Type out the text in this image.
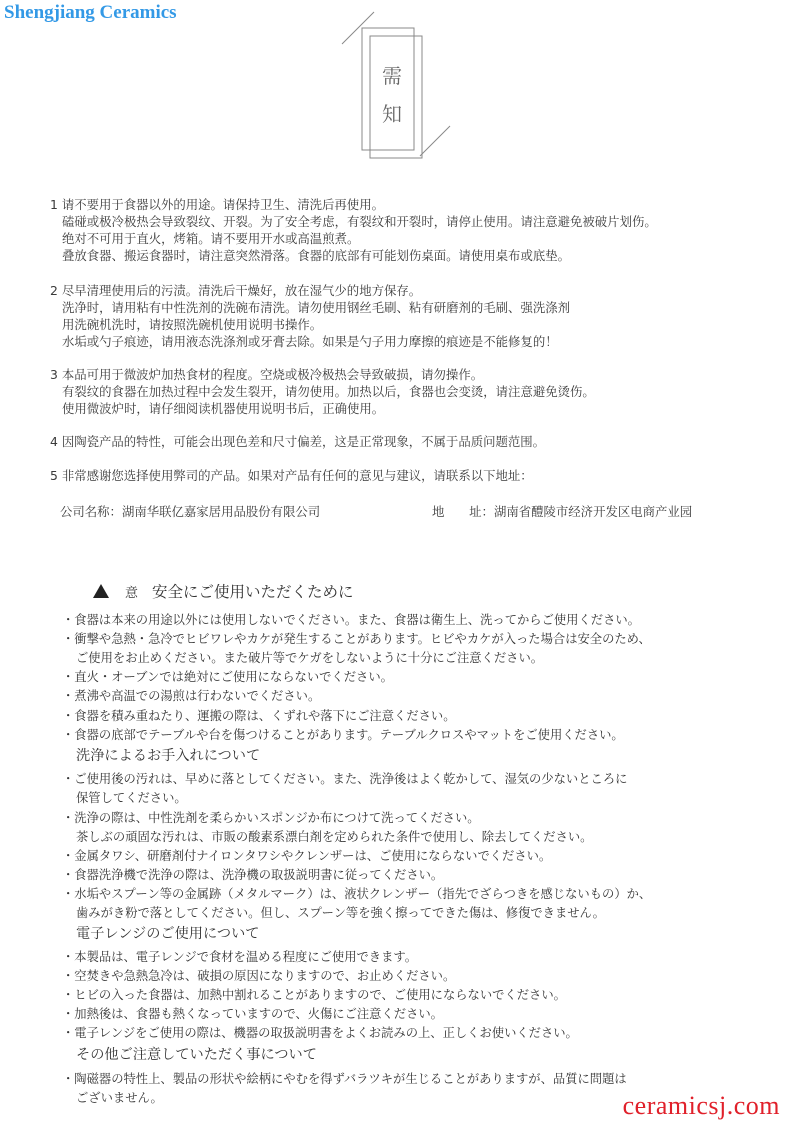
Shengjiang Ceramics
需
知
1 请不要用于食器以外的用途。请保持卫生、清洗后再使用。
磕碰或极冷极热会导致裂纹、开裂。为了安全考虑，有裂纹和开裂时，请停止使用。请注意避免被破片划伤。
绝对不可用于直火，烤箱。请不要用开水或高温煎煮。
叠放食器、搬运食器时，请注意突然滑落。食器的底部有可能划伤桌面。请使用桌布或底垫。
2 尽早清理使用后的污渍。清洗后干燥好，放在湿气少的地方保存。
洗净时，请用粘有中性洗剂的洗碗布清洗。请勿使用钢丝毛刷、粘有研磨剂的毛刷、强洗涤剂
用洗碗机洗时，请按照洗碗机使用说明书操作。
水垢或勺子痕迹，请用液态洗涤剂或牙膏去除。如果是勺子用力摩擦的痕迹是不能修复的！
3 本品可用于微波炉加热食材的程度。空烧或极冷极热会导致破损，请勿操作。
有裂纹的食器在加热过程中会发生裂开，请勿使用。加热以后，食器也会变烫，请注意避免烫伤。
使用微波炉时，请仔细阅读机器使用说明书后，正确使用。
4 因陶瓷产品的特性，可能会出现色差和尺寸偏差，这是正常现象，不属于品质问题范围。
5 非常感谢您选择使用弊司的产品。如果对产品有任何的意见与建议，请联系以下地址：
公司名称：湖南华联亿嘉家居用品股份有限公司	地　　址：湖南省醴陵市经济开发区电商产业园
意 安全にご使用いただくために
・食器は本来の用途以外には使用しないでください。また、食器は衛生上、洗ってからご使用ください。
・衝撃や急熱・急冷でヒビワレやカケが発生することがあります。ヒビやカケが入った場合は安全のため、
ご使用をお止めください。また破片等でケガをしないように十分にご注意ください。
・直火・オーブンでは絶対にご使用にならないでください。
・煮沸や高温での湯煎は行わないでください。
・食器を積み重ねたり、運搬の際は、くずれや落下にご注意ください。
・食器の底部でテーブルや台を傷つけることがあります。テーブルクロスやマットをご使用ください。
洗浄によるお手入れについて
・ご使用後の汚れは、早めに落としてください。また、洗浄後はよく乾かして、湿気の少ないところに
保管してください。
・洗浄の際は、中性洗剤を柔らかいスポンジか布につけて洗ってください。
茶しぶの頑固な汚れは、市販の酸素系漂白剤を定められた条件で使用し、除去してください。
・金属タワシ、研磨剤付ナイロンタワシやクレンザーは、ご使用にならないでください。
・食器洗浄機で洗浄の際は、洗浄機の取扱説明書に従ってください。
・水垢やスプーン等の金属跡（メタルマーク）は、液状クレンザー（指先でざらつきを感じないもの）か、
歯みがき粉で落としてください。但し、スプーン等を強く擦ってできた傷は、修復できません。
電子レンジのご使用について
・本製品は、電子レンジで食材を温める程度にご使用できます。
・空焚きや急熱急冷は、破損の原因になりますので、お止めください。
・ヒビの入った食器は、加熱中割れることがありますので、ご使用にならないでください。
・加熱後は、食器も熱くなっていますので、火傷にご注意ください。
・電子レンジをご使用の際は、機器の取扱説明書をよくお読みの上、正しくお使いください。
その他ご注意していただく事について
・陶磁器の特性上、製品の形状や絵柄にやむを得ずバラツキが生じることがありますが、品質に問題は
ございません。	ceramicsj.com
